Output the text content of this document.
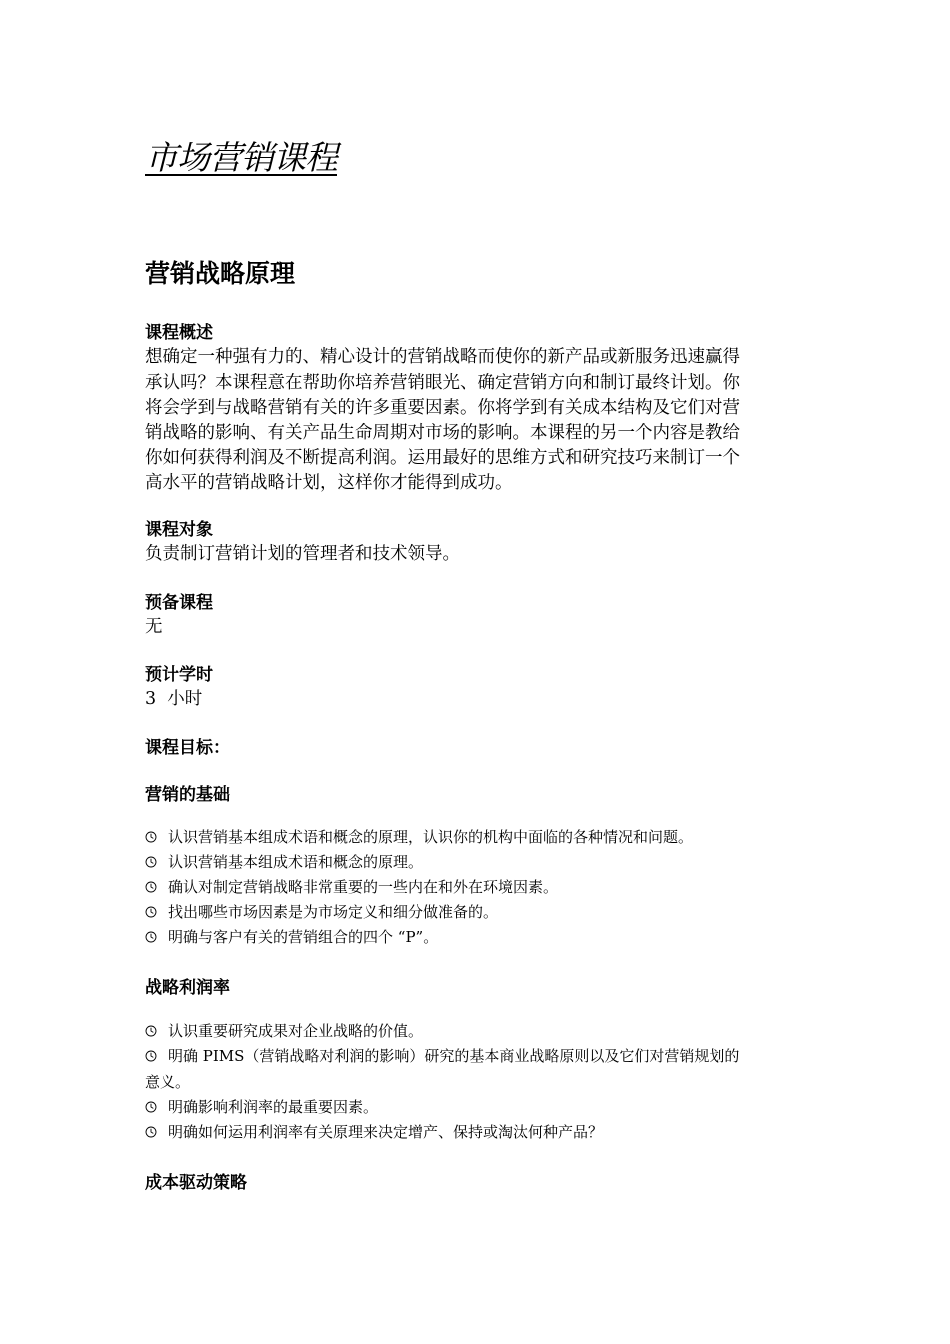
市场营销课程
营销战略原理
课程概述
想确定一种强有力的、精心设计的营销战略而使你的新产品或新服务迅速赢得
承认吗？本课程意在帮助你培养营销眼光、确定营销方向和制订最终计划。你
将会学到与战略营销有关的许多重要因素。你将学到有关成本结构及它们对营
销战略的影响、有关产品生命周期对市场的影响。本课程的另一个内容是教给
你如何获得利润及不断提高利润。运用最好的思维方式和研究技巧来制订一个
高水平的营销战略计划，这样你才能得到成功。
课程对象
负责制订营销计划的管理者和技术领导。
预备课程
无
预计学时
3  小时
课程目标：
营销的基础
认识营销基本组成术语和概念的原理，认识你的机构中面临的各种情况和问题。
认识营销基本组成术语和概念的原理。
确认对制定营销战略非常重要的一些内在和外在环境因素。
找出哪些市场因素是为市场定义和细分做准备的。
明确与客户有关的营销组合的四个 “P”。
战略利润率
认识重要研究成果对企业战略的价值。
明确 PIMS（营销战略对利润的影响）研究的基本商业战略原则以及它们对营销规划的
意义。
明确影响利润率的最重要因素。
明确如何运用利润率有关原理来决定增产、保持或淘汰何种产品？
成本驱动策略
